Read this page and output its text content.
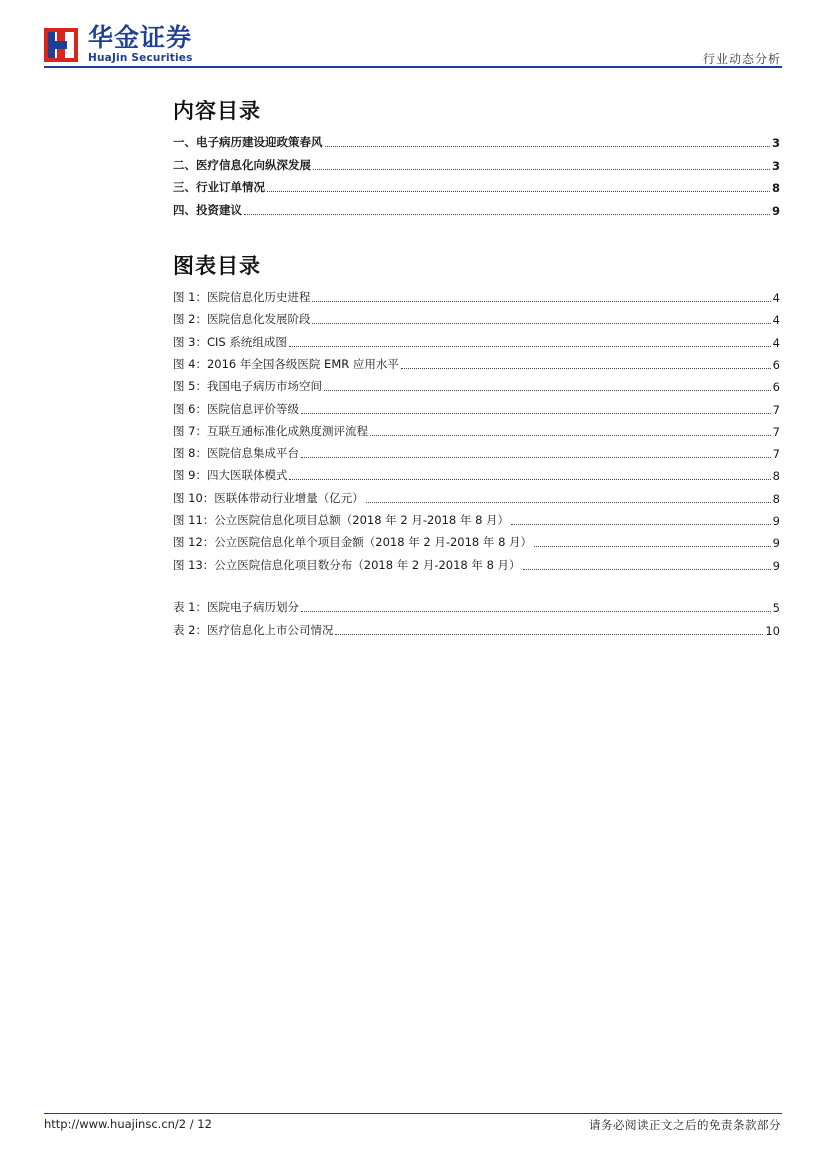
华金证券
HuaJin Securities	行业动态分析
内容目录
一、电子病历建设迎政策春风	3
二、医疗信息化向纵深发展	3
三、行业订单情况	8
四、投资建议	9
图表目录
图 1：医院信息化历史进程	4
图 2：医院信息化发展阶段	4
图 3：CIS 系统组成图	4
图 4：2016 年全国各级医院 EMR 应用水平	6
图 5：我国电子病历市场空间	6
图 6：医院信息评价等级	7
图 7：互联互通标准化成熟度测评流程	7
图 8：医院信息集成平台	7
图 9：四大医联体模式	8
图 10：医联体带动行业增量（亿元）	8
图 11：公立医院信息化项目总额（2018 年 2 月-2018 年 8 月）	9
图 12：公立医院信息化单个项目金额（2018 年 2 月-2018 年 8 月）	9
图 13：公立医院信息化项目数分布（2018 年 2 月-2018 年 8 月）	9
表 1：医院电子病历划分	5
表 2：医疗信息化上市公司情况	10
http://www.huajinsc.cn/2 / 12	请务必阅读正文之后的免责条款部分
